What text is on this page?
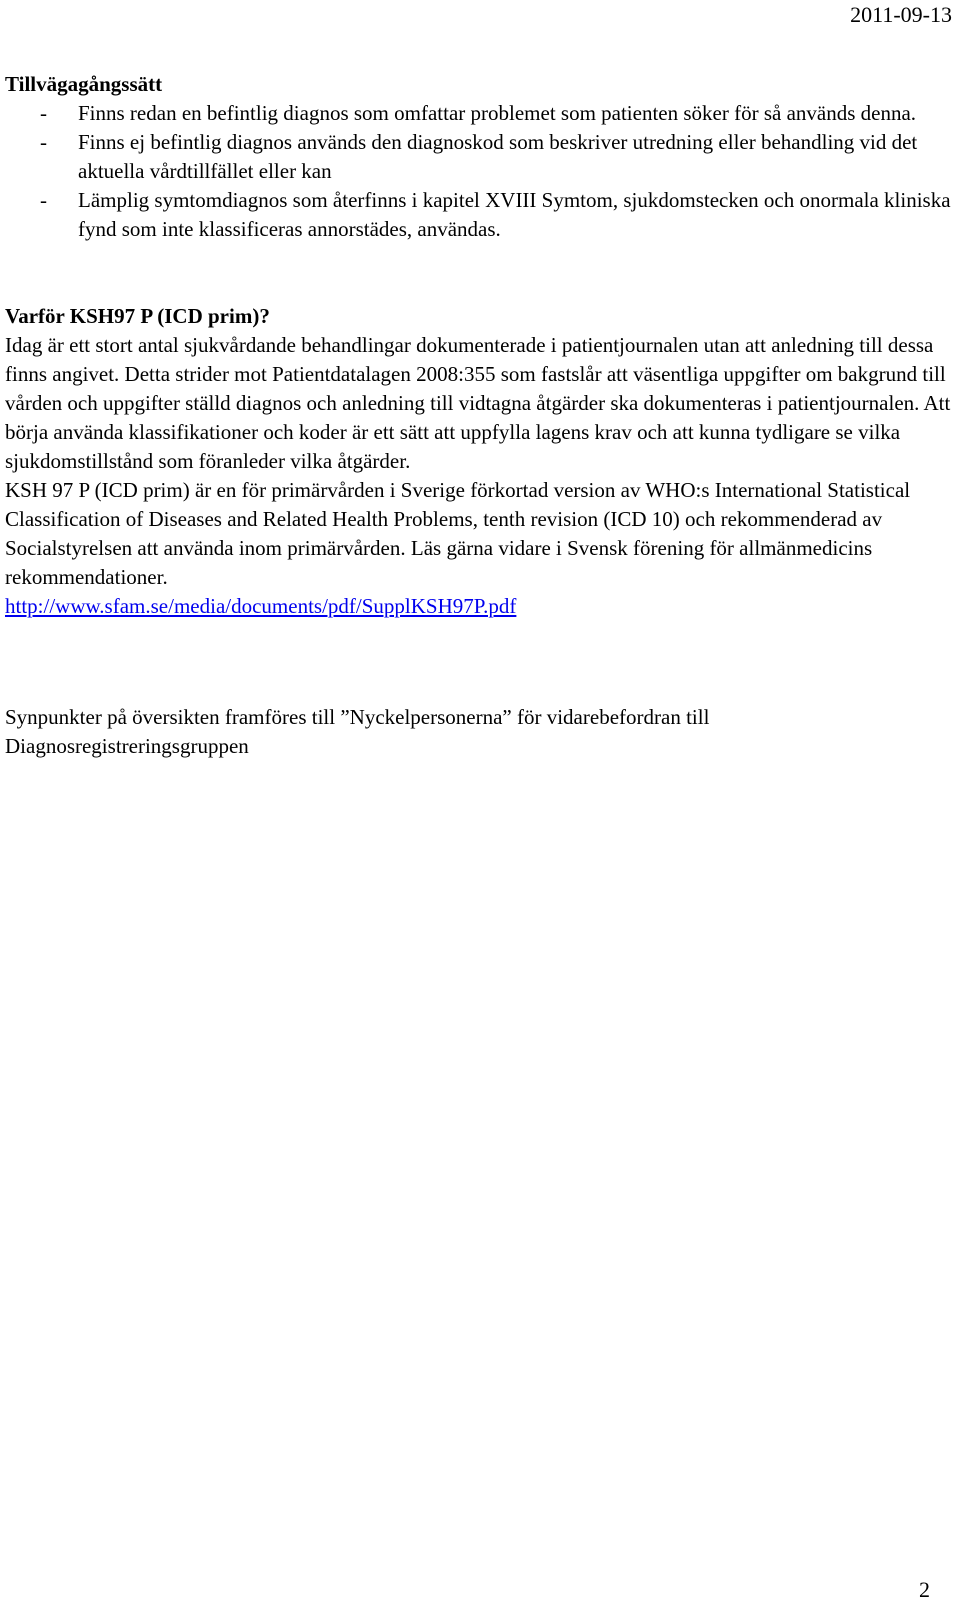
2011-09-13
Tillvägagångssätt
- Finns redan en befintlig diagnos som omfattar problemet som patienten söker för så används denna.
- Finns ej befintlig diagnos används den diagnoskod som beskriver utredning eller behandling vid det aktuella vårdtillfället eller kan
- Lämplig symtomdiagnos som återfinns i kapitel XVIII Symtom, sjukdomstecken och onormala kliniska fynd som inte klassificeras annorstädes, användas.
Varför KSH97 P (ICD prim)?

Idag är ett stort antal sjukvårdande behandlingar dokumenterade i patientjournalen utan att anledning till dessa finns angivet. Detta strider mot Patientdatalagen 2008:355 som fastslår att väsentliga uppgifter om bakgrund till vården och uppgifter ställd diagnos och anledning till vidtagna åtgärder ska dokumenteras i patientjournalen. Att börja använda klassifikationer och koder är ett sätt att uppfylla lagens krav och att kunna tydligare se vilka sjukdomstillstånd som föranleder vilka åtgärder.

KSH 97 P (ICD prim) är en för primärvården i Sverige förkortad version av WHO:s International Statistical Classification of Diseases and Related Health Problems, tenth revision (ICD 10) och rekommenderad av Socialstyrelsen att använda inom primärvården. Läs gärna vidare i Svensk förening för allmänmedicins rekommendationer.

http://www.sfam.se/media/documents/pdf/SupplKSH97P.pdf

Synpunkter på översikten framföres till ”Nyckelpersonerna” för vidarebefordran till Diagnosregistreringsgruppen

2
